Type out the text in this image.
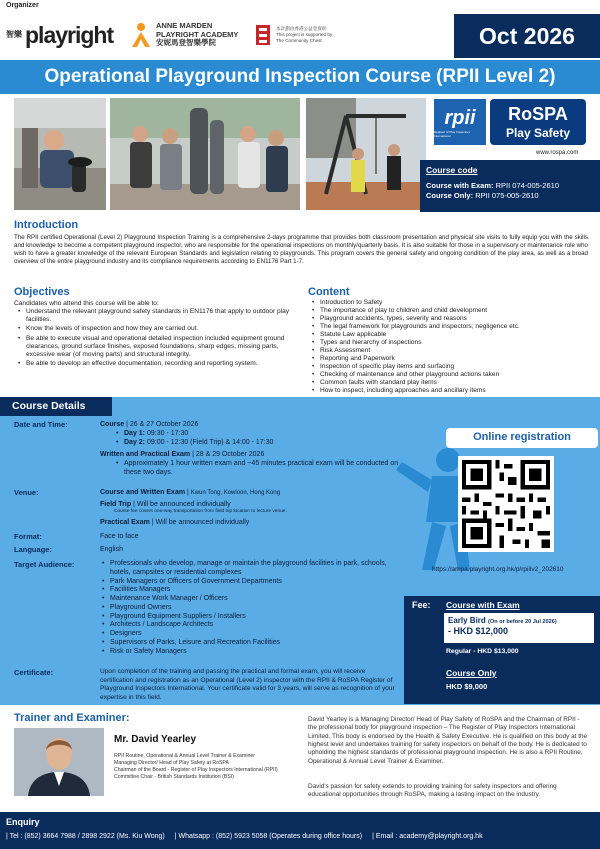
Organizer
智樂 playright	ANNE MARDEN
PLAYRIGHT ACADEMY
安妮馬登智樂學院
本計劃由香港公益金資助
This project is supported by
The Community Chest	Oct 2026
Operational Playground Inspection Course (RPII Level 2)
rpii
Register of Play Inspectors International
RoSPA
Play Safety
www.rospa.com
Course code
Course with Exam: RPII 074-005-2610
Course Only: RPII 075-005-2610
Introduction
The RPII certified Operational (Level 2) Playground Inspection Training is a comprehensive 2-days programme that provides both classroom presentation and physical site visits to fully equip you with the skills and knowledge to become a competent playground inspector, who are responsible for the operational inspections on monthly/quarterly basis. It is also suitable for those in a supervisory or maintenance role who wish to have a greater knowledge of the relevant European Standards and legislation relating to playgrounds. This program covers the general safety and ongoing condition of the play area, as well as a broad overview of the entire playground industry and its compliance requirements according to EN1176 Part 1-7.
Objectives
Candidates who attend this course will be able to:
• Understand the relevant playground safety standards in EN1176 that apply to outdoor play facilities.
• Know the levels of inspection and how they are carried out.
• Be able to execute visual and operational detailed inspection included equipment ground clearances, ground surface finishes, exposed foundations, sharp edges, missing parts, excessive wear (of moving parts) and structural integrity.
• Be able to develop an effective documentation, recording and reporting system.
Content
• Introduction to Safety
• The importance of play to children and child development
• Playground accidents, types, severity and reasons
• The legal framework for playgrounds and inspectors; negligence etc.
• Statute Law applicable
• Types and hierarchy of inspections
• Risk Assessment
• Reporting and Paperwork
• Inspection of specific play items and surfacing
• Checking of maintenance and other playground actions taken
• Common faults with standard play items
• How to inspect, including approaches and ancillary items
Course Details
Date and Time:	Course | 26 & 27 October 2026
• Day 1: 09:30 - 17:30
• Day 2: 09:00 - 12:30 (Field Trip) & 14:00 - 17:30
Written and Practical Exam | 28 & 29 October 2026
• Approximately 1 hour written exam and ~45 minutes practical exam will be conducted on these two days.
Venue:	Course and Written Exam | Kwun Tong, Kowloon, Hong Kong
Field Trip | Will be announced individually
Course fee covers one-way transportation from field trip location to lecture venue.
Practical Exam | Will be announced individually
Format:	Face to face
Language:	English
Target Audience:
•	Professionals who develop, manage or maintain the playground facilities in park, schools, hotels, campsites or residential complexes
• Park Managers or Officers of Government Departments
• Facilities Managers
• Maintenance Work Manager / Officers
• Playground Owners
• Playground Equipment Suppliers / Installers
• Architects / Landscape Architects
• Designers
• Supervisors of Parks, Leisure and Recreation Facilities
• Risk or Safety Managers
Certificate:	Upon completion of the training and passing the practical and formal exam, you will receive certification and registration as an Operational (Level 2) inspector with the RPII & RoSPA Register of Playground Inspectors International. Your certificate valid for 3 years, will serve as recognition of your expertise in this field.
Online registration
https://ampa.playright.org.hk/p/rpiilv2_202610
Fee: Course with Exam
Early Bird (On or before 20 Jul 2026)
- HKD $12,000
Regular - HKD $13,000
Course Only
HKD $9,000
Trainer and Examiner:
Mr. David Yearley
RPII Routine, Operational & Annual Level Trainer & Examiner
Managing Director/ Head of Play Safety at RoSPA
Chairman of the Board - Register of Play Inspectors International (RPII)
Committee Chair - British Standards Institution (BSI)
David Yearley is a Managing Director/ Head of Play Safety of RoSPA and the Chairman of RPII - the professional body for playground inspection – The Register of Play Inspectors International Limited. This body is endorsed by the Health & Safety Executive. He is qualified on this body at the highest level and undertakes training for safety inspectors on behalf of the body. He is dedicated to upholding the highest standards of professional playground inspection. He is also a RPII Routine, Operational & Annual Level Trainer & Examiner.
David's passion for safety extends to providing training for safety inspectors and offering educational opportunities through RoSPA, making a lasting impact on the industry.
Enquiry
| Tel : (852) 3664 7988 / 2898 2922 (Ms. Kiu Wong) | Whatsapp : (852) 5923 5058 (Operates during office hours) | Email : academy@playright.org.hk
